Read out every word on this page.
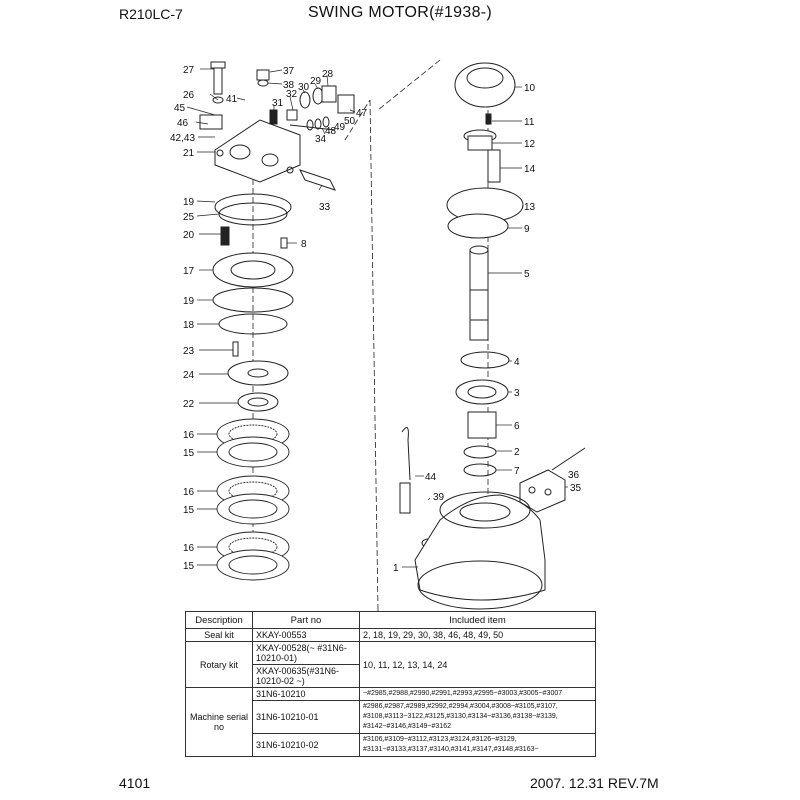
R210LC-7	SWING MOTOR(#1938-)
27
26
45
46
42,43
21
41
37
38
31
32
30
29
28
47
50
49
48
34
33
19
25
20
8
17
19
18
23
24
22
16
15
16
15
16
15
10
11
12
14
13
9
5
4
3
6
2
7	36
35
44
39
1
Description	Part no	Included item
Seal kit	XKAY-00553	2, 18, 19, 29, 30, 38, 46, 48, 49, 50
Rotary kit	XKAY-00528(~ #31N6-10210-01)	10, 11, 12, 13, 14, 24
	XKAY-00635(#31N6-10210-02 ~)	
Machine serial no	31N6-10210	~#2985,#2988,#2990,#2991,#2993,#2995~#3003,#3005~#3007
	31N6-10210-01	#2986,#2987,#2989,#2992,#2994,#3004,#3008~#3105,#3107, #3108,#3113~3122,#3125,#3130,#3134~#3136,#3138~#3139, #3142~#3146,#3149~#3162
	31N6-10210-02	#3106,#3109~#3112,#3123,#3124,#3126~#3129, #3131~#3133,#3137,#3140,#3141,#3147,#3148,#3163~
4101	2007. 12.31 REV.7M
